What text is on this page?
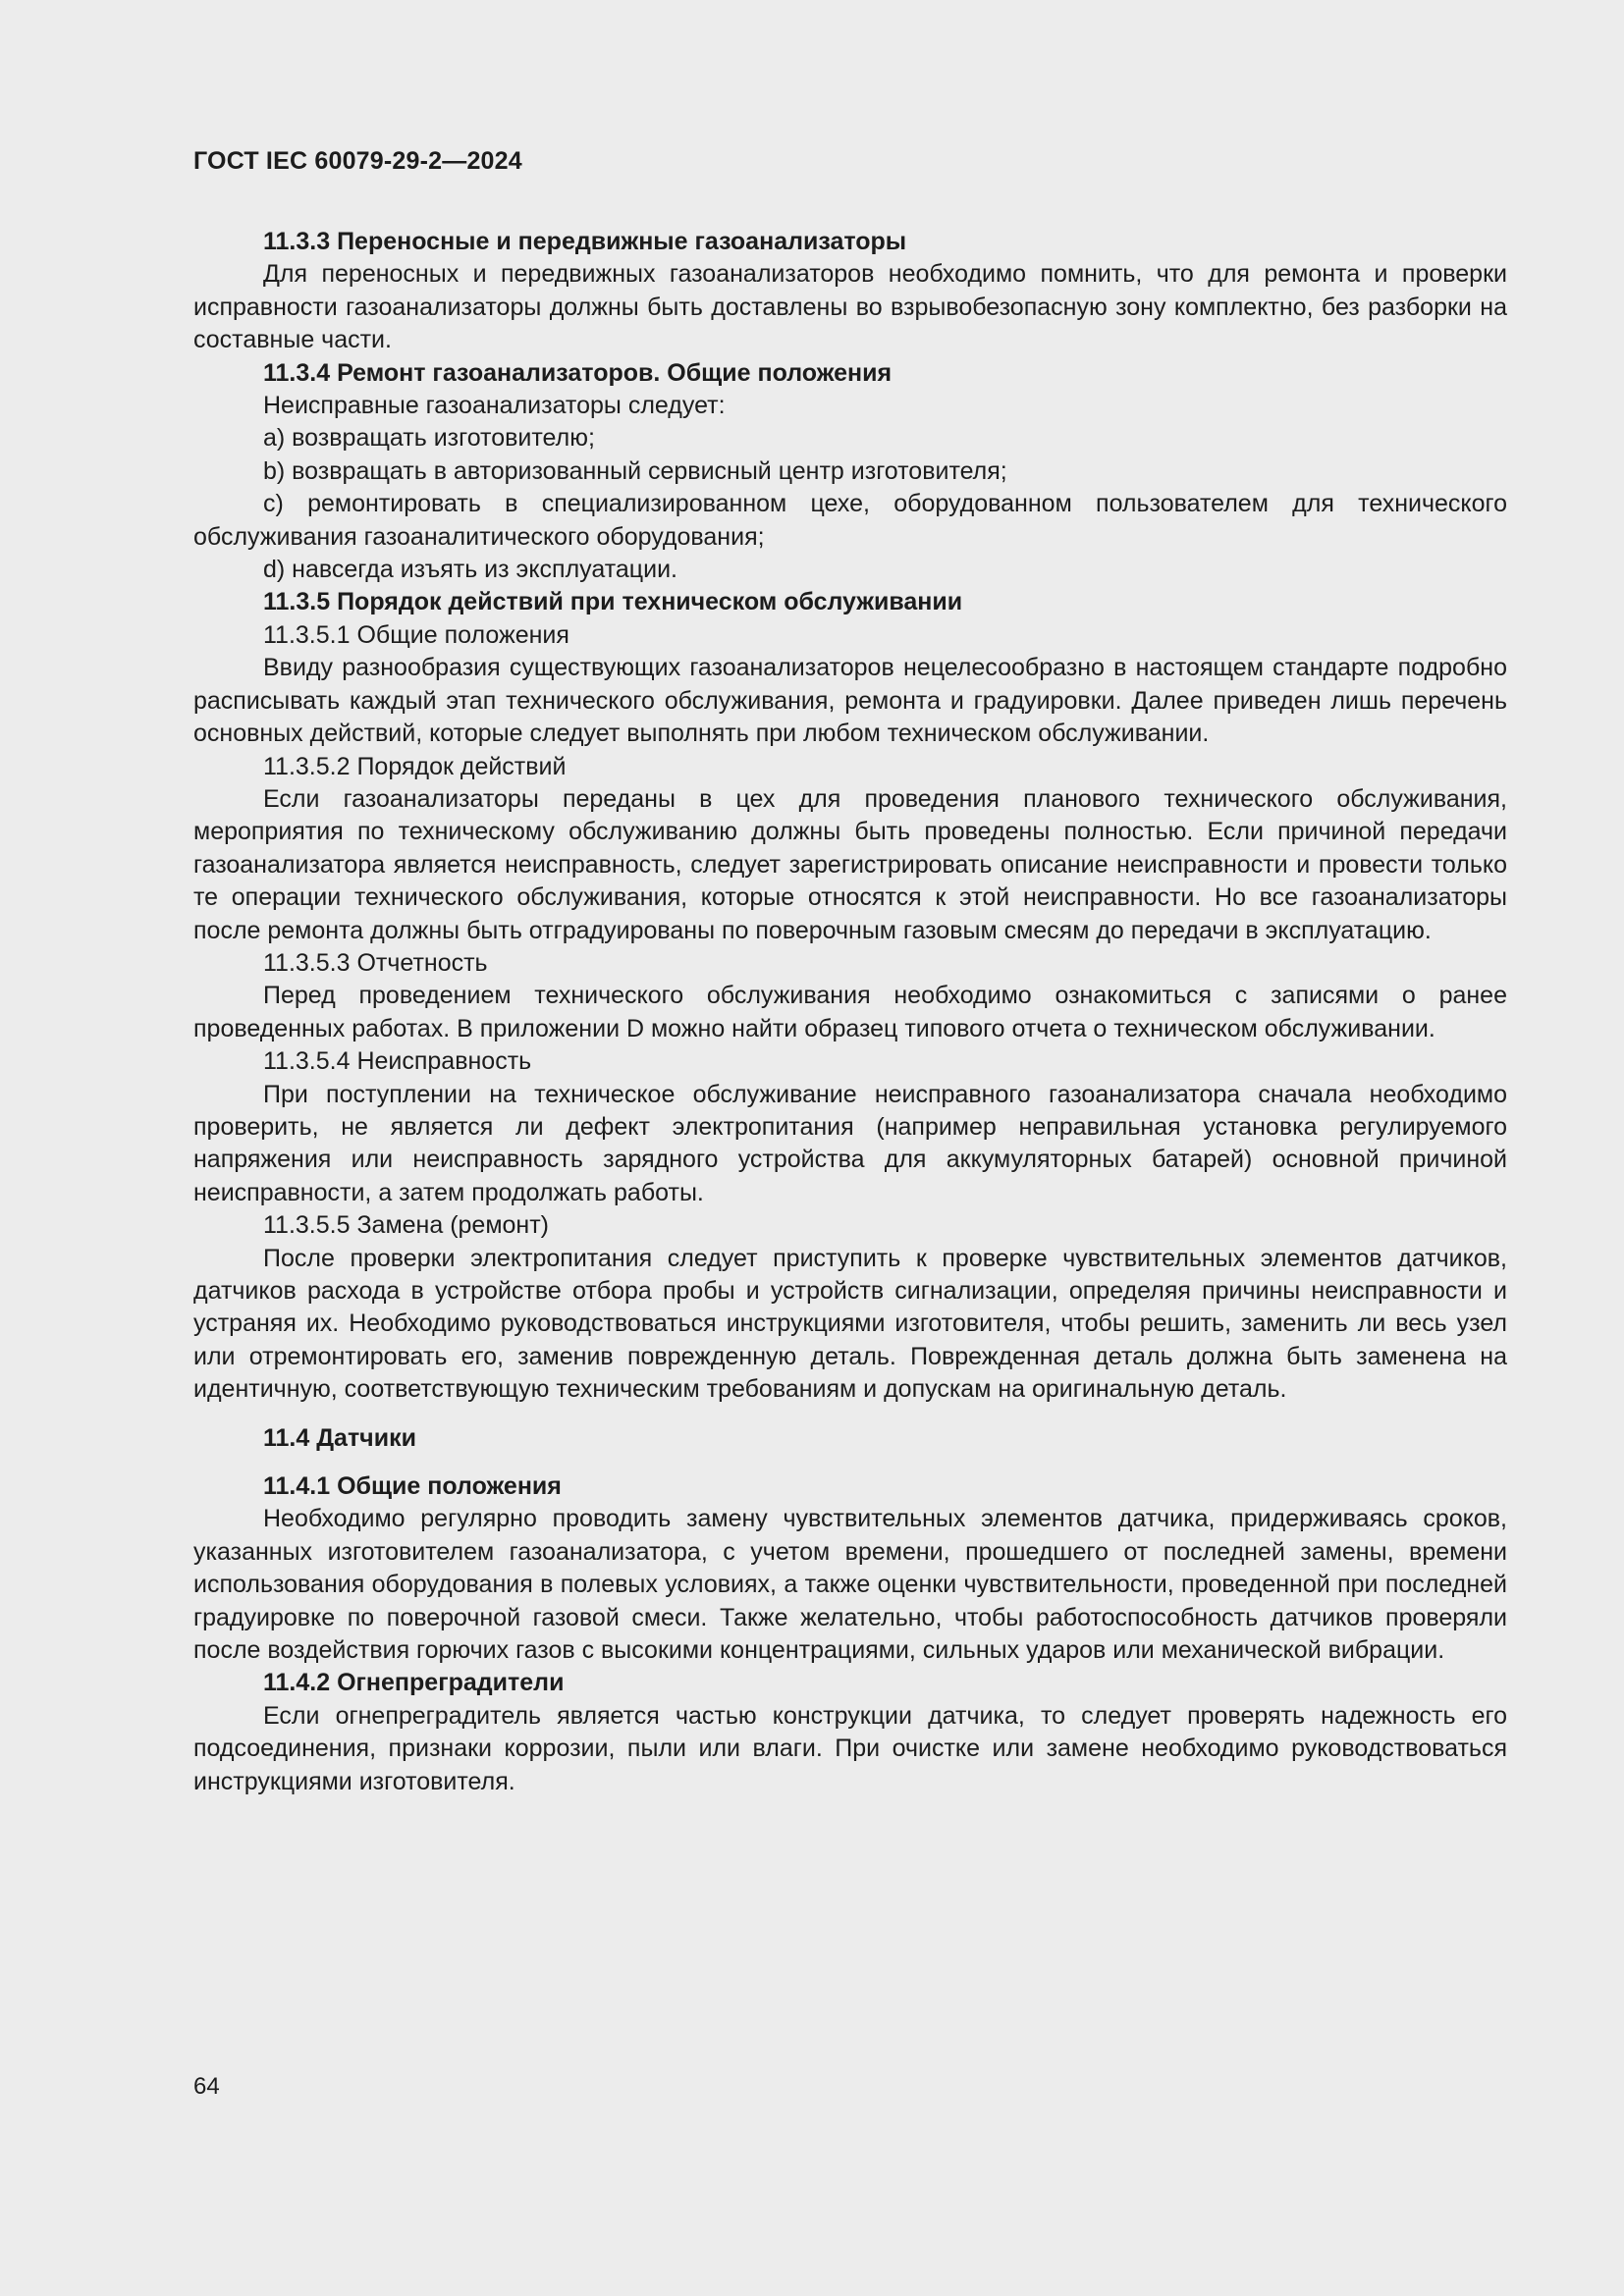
ГОСТ IEC 60079-29-2—2024

11.3.3 Переносные и передвижные газоанализаторы

Для переносных и передвижных газоанализаторов необходимо помнить, что для ремонта и проверки исправности газоанализаторы должны быть доставлены во взрывобезопасную зону комплектно, без разборки на составные части.

11.3.4 Ремонт газоанализаторов. Общие положения

Неисправные газоанализаторы следует:

а) возвращать изготовителю;

b) возвращать в авторизованный сервисный центр изготовителя;

с) ремонтировать в специализированном цехе, оборудованном пользователем для технического обслуживания газоаналитического оборудования;

d) навсегда изъять из эксплуатации.

11.3.5 Порядок действий при техническом обслуживании

11.3.5.1 Общие положения

Ввиду разнообразия существующих газоанализаторов нецелесообразно в настоящем стандарте подробно расписывать каждый этап технического обслуживания, ремонта и градуировки. Далее приведен лишь перечень основных действий, которые следует выполнять при любом техническом обслуживании.

11.3.5.2 Порядок действий

Если газоанализаторы переданы в цех для проведения планового технического обслуживания, мероприятия по техническому обслуживанию должны быть проведены полностью. Если причиной передачи газоанализатора является неисправность, следует зарегистрировать описание неисправности и провести только те операции технического обслуживания, которые относятся к этой неисправности. Но все газоанализаторы после ремонта должны быть отградуированы по поверочным газовым смесям до передачи в эксплуатацию.

11.3.5.3 Отчетность

Перед проведением технического обслуживания необходимо ознакомиться с записями о ранее проведенных работах. В приложении D можно найти образец типового отчета о техническом обслуживании.

11.3.5.4 Неисправность

При поступлении на техническое обслуживание неисправного газоанализатора сначала необходимо проверить, не является ли дефект электропитания (например неправильная установка регулируемого напряжения или неисправность зарядного устройства для аккумуляторных батарей) основной причиной неисправности, а затем продолжать работы.

11.3.5.5 Замена (ремонт)

После проверки электропитания следует приступить к проверке чувствительных элементов датчиков, датчиков расхода в устройстве отбора пробы и устройств сигнализации, определяя причины неисправности и устраняя их. Необходимо руководствоваться инструкциями изготовителя, чтобы решить, заменить ли весь узел или отремонтировать его, заменив поврежденную деталь. Поврежденная деталь должна быть заменена на идентичную, соответствующую техническим требованиям и допускам на оригинальную деталь.

11.4 Датчики

11.4.1 Общие положения

Необходимо регулярно проводить замену чувствительных элементов датчика, придерживаясь сроков, указанных изготовителем газоанализатора, с учетом времени, прошедшего от последней замены, времени использования оборудования в полевых условиях, а также оценки чувствительности, проведенной при последней градуировке по поверочной газовой смеси. Также желательно, чтобы работоспособность датчиков проверяли после воздействия горючих газов с высокими концентрациями, сильных ударов или механической вибрации.

11.4.2 Огнепреградители

Если огнепреградитель является частью конструкции датчика, то следует проверять надежность его подсоединения, признаки коррозии, пыли или влаги. При очистке или замене необходимо руководствоваться инструкциями изготовителя.

64
